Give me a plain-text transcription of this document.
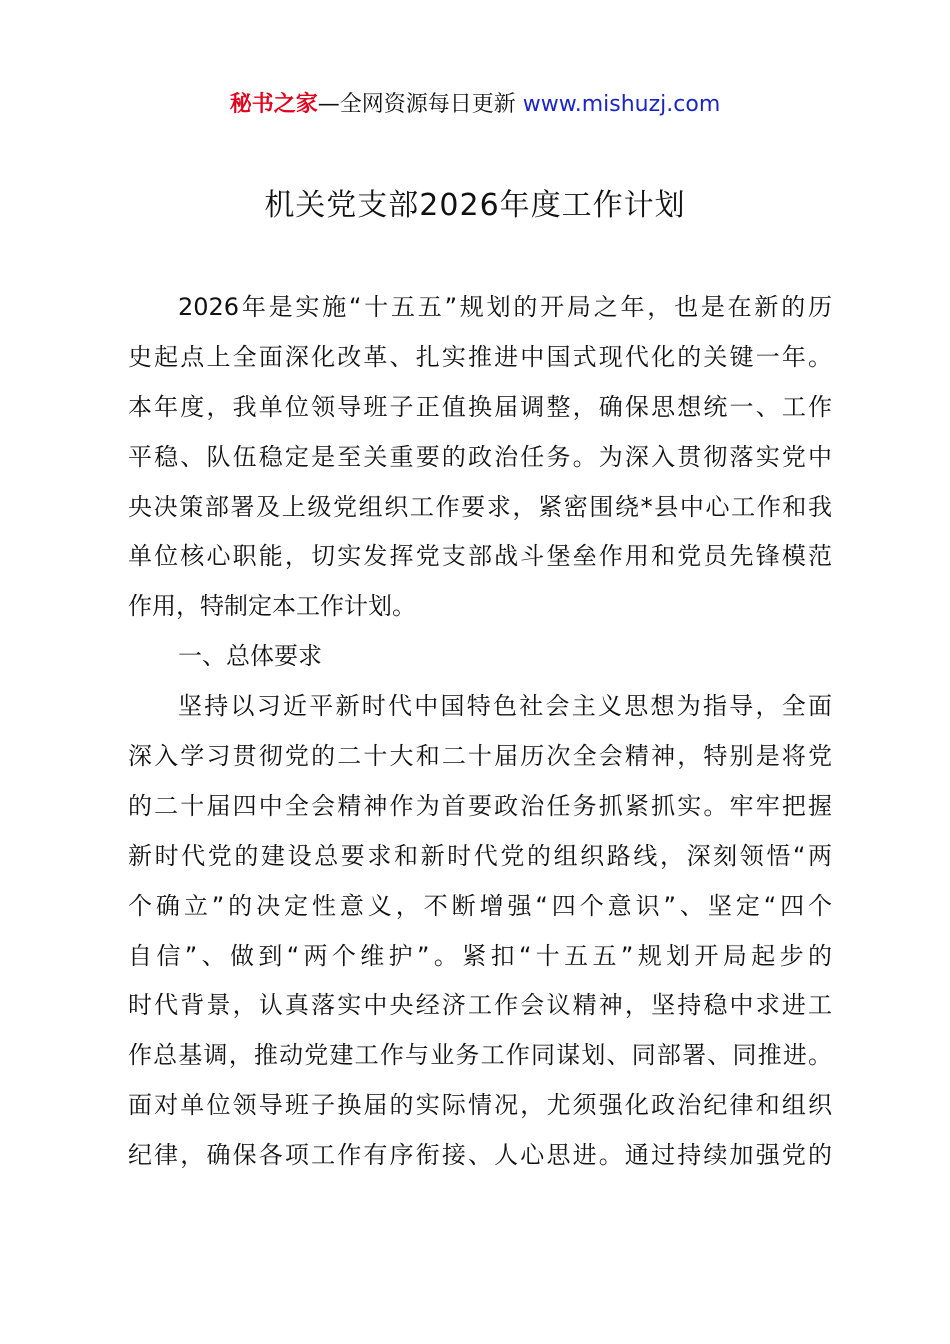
秘书之家—全网资源每日更新 www.mishuzj.com
机关党支部2026年度工作计划
2026年是实施“十五五”规划的开局之年，也是在新的历
史起点上全面深化改革、扎实推进中国式现代化的关键一年。
本年度，我单位领导班子正值换届调整，确保思想统一、工作
平稳、队伍稳定是至关重要的政治任务。为深入贯彻落实党中
央决策部署及上级党组织工作要求，紧密围绕*县中心工作和我
单位核心职能，切实发挥党支部战斗堡垒作用和党员先锋模范
作用，特制定本工作计划。
一、总体要求
坚持以习近平新时代中国特色社会主义思想为指导，全面
深入学习贯彻党的二十大和二十届历次全会精神，特别是将党
的二十届四中全会精神作为首要政治任务抓紧抓实。牢牢把握
新时代党的建设总要求和新时代党的组织路线，深刻领悟“两
个确立”的决定性意义，不断增强“四个意识”、坚定“四个
自信”、做到“两个维护”。紧扣“十五五”规划开局起步的
时代背景，认真落实中央经济工作会议精神，坚持稳中求进工
作总基调，推动党建工作与业务工作同谋划、同部署、同推进。
面对单位领导班子换届的实际情况，尤须强化政治纪律和组织
纪律，确保各项工作有序衔接、人心思进。通过持续加强党的
